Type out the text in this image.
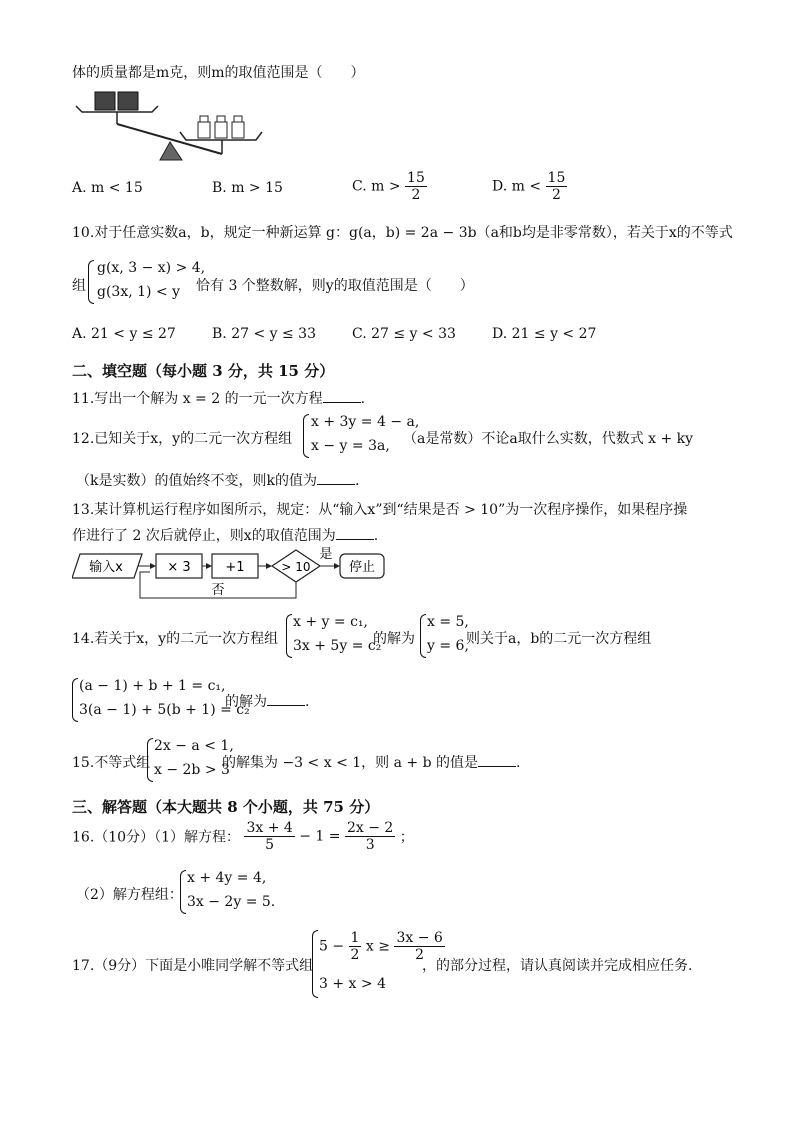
体的质量都是m克，则m的取值范围是（　　）
A. m < 15	B. m > 15	C. $m > \frac{15}{2}$	D. $m < \frac{15}{2}$
10.对于任意实数a，b，规定一种新运算 g：g(a，b) = 2a − 3b（a和b均是非零常数），若关于x的不等式
组
g(x, 3 − x) > 4,
g(3x, 1) < y 恰有 3 个整数解，则y的取值范围是（　　）
A. 21 < y ≤ 27	B. 27 < y ≤ 33	C. 27 ≤ y < 33	D. 21 ≤ y < 27
二、填空题（每小题 3 分，共 15 分）
11.写出一个解为 x = 2 的一元一次方程	.
12.已知关于x，y的二元一次方程组
x + 3y = 4 − a,
x − y = 3a, （a是常数）不论a取什么实数，代数式 x + ky
（k是实数）的值始终不变，则k的值为	.
13.某计算机运行程序如图所示，规定：从“输入x”到“结果是否 > 10”为一次程序操作，如果程序操
作进行了 2 次后就停止，则x的取值范围为	.
输入x	× 3	+1	> 10
是
停止
否
14.若关于x，y的二元一次方程组
x + y = c₁,
3x + 5y = c₂
的解为
x = 5,
y = 6,
则关于a，b的二元一次方程组
(a − 1) + b + 1 = c₁,
3(a − 1) + 5(b + 1) = c₂
的解为	.
15.不等式组
2x − a < 1,
x − 2b > 3
的解集为 −3 < x < 1，则 a + b 的值是	.
三、解答题（本大题共 8 个小题，共 75 分）
16.（10分）（1）解方程： $\frac{3x + 4}{5} - 1 = \frac{2x - 2}{3}$ ；
（2）解方程组：
x + 4y = 4,
3x − 2y = 5.
17.（9分）下面是小唯同学解不等式组
$5 - \frac{1}{2}$ $x \ge \frac{3x - 6}{2}$
3 + x > 4
，的部分过程，请认真阅读并完成相应任务.
